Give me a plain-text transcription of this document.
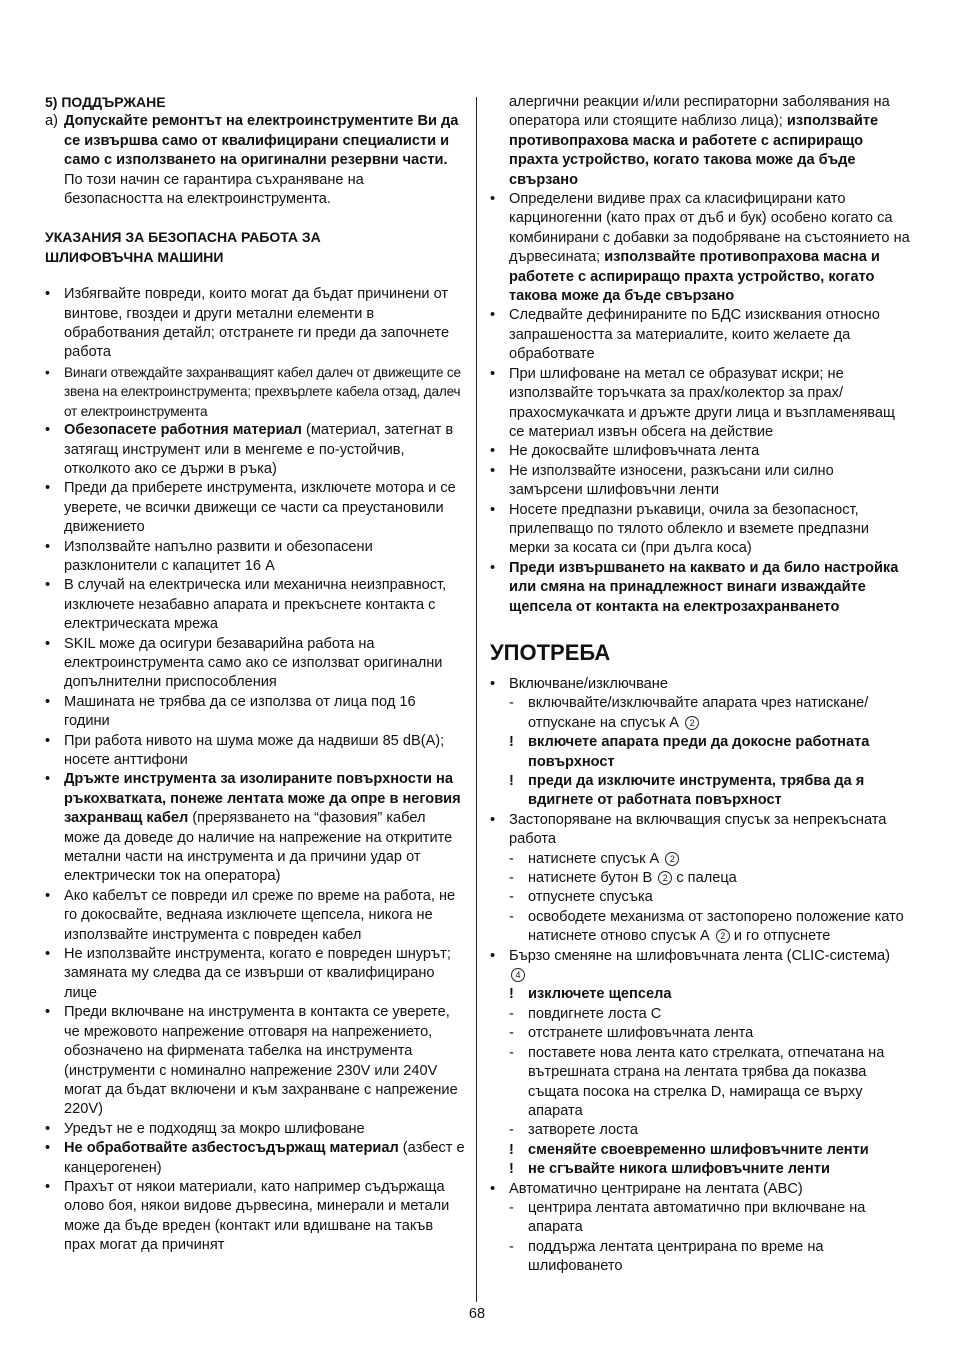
5) ПОДДЪРЖАНЕ
a) Допускайте ремонтът на електроинструментите Ви да се извършва само от квалифицирани специалисти и само с използването на оригинални резервни части. По този начин се гарантира съхраняване на безопасността на електроинструмента.
УКАЗАНИЯ ЗА БЕЗОПАСНА РАБОТА ЗА
ШЛИФОВЪЧНА МАШИНИ
• Избягвайте повреди, които могат да бъдат причинени от винтове, гвоздеи и други метални елементи в обработвания детайл; отстранете ги преди да започнете работа
• Винаги отвеждайте захранващият кабел далеч от движещите се звена на електроинструмента; прехвърлете кабела отзад, далеч от електроинструмента
• Обезопасете работния материал (материал, затегнат в затягащ инструмент или в менгеме е по-устойчив, отколкото ако се държи в ръка)
• Преди да приберете инструмента, изключете мотора и се уверете, че всички движещи се части са преустановили движението
• Използвайте напълно развити и обезопасени разклонители с капацитет 16 А
• В случай на електрическа или механична неизправност, изключете незабавно апарата и прекъснете контакта с електрическата мрежа
• SKIL може да осигури безаварийна работа на електроинструмента само ако се използват оригинални допълнителни приспособления
• Машината не трябва да се използва от лица под 16 години
• При работа нивото на шума може да надвиши 85 dB(A); носете анттифони
• Дръжте инструмента за изолираните повърхности на ръкохватката, понеже лентата може да опре в неговия захранващ кабел (прерязването на “фазовия” кабел може да доведе до наличие на напрежение на откритите метални части на инструмента и да причини удар от електрически ток на оператора)
• Ако кабелът се повреди ил среже по време на работа, не го докосвайте, веднаяа изключете щепсела, никога не използвайте инструмента с повреден кабел
• Не използвайте инструмента, когато е повреден шнурът; замяната му следва да се извърши от квалифицирано лице
• Преди включване на инструмента в контакта се уверете, че мрежовото напрежение отговаря на напрежението, обозначено на фирмената табелка на инструмента (инструменти с номинално напрежение 230V или 240V могат да бъдат включени и към захранване с напрежение 220V)
• Уредът не е подходящ за мокро шлифоване
• Не обработвайте азбестосъдържащ материал (азбест е канцерогенен)
• Прахът от някои материали, като например съдържаща олово боя, някои видове дървесина, минерали и метали може да бъде вреден (контакт или вдишване на такъв прах могат да причинят
алергични реакции и/или респираторни заболявания на оператора или стоящите наблизо лица); използвайте противопрахова маска и работете с аспириращо прахта устройство, когато такова може да бъде свързано
• Определени видиве прах са класифицирани като карциногенни (като прах от дъб и бук) особено когато са комбинирани с добавки за подобряване на състоянието на дървесината; използвайте противопрахова масна и работете с аспириращо прахта устройство, когато такова може да бъде свързано
• Следвайте дефинираните по БДС изисквания относно запрашеността за материалите, които желаете да обработвате
• При шлифоване на метал се образуват искри; не използвайте торъчката за прах/колектор за прах/прахосмукачката и дръжте други лица и възпламеняващ се материал извън обсега на действие
• Не докосвайте шлифовъчната лента
• Не използвайте износени, разкъсани или силно замърсени шлифовъчни ленти
• Носете предпазни ръкавици, очила за безопасност, прилепващо по тялото облекло и вземете предпазни мерки за косата си (при дълга коса)
• Преди извършването на каквато и да било настройка или смяна на принадлежност винаги изваждайте щепсела от контакта на електрозахранването
УПОТРЕБА
• Включване/изключване
- включвайте/изключвайте апарата чрез натискане/ отпускане на спусък А 2
! включете апарата преди да докосне работната повърхност
! преди да изключите инструмента, трябва да я вдигнете от работната повърхност
• Застопоряване на включващия спусък за непрекъсната работа
- натиснете спусък А 2
- натиснете бутон В 2 с палеца
- отпуснете спусъка
- освободете механизма от застопорено положение като натиснете отново спусък А 2 и го отпуснете
• Бързо сменяне на шлифовъчната лента (CLIC-система) 4
! изключете щепсела
- повдигнете лоста C
- отстранете шлифовъчната лента
- поставете нова лента като стрелката, отпечатана на вътрешната страна на лентата трябва да показва същата посока на стрелка D, намираща се върху апарата
- затворете лоста
! сменяйте своевременно шлифовъчните ленти
! не сгъвайте никога шлифовъчните ленти
• Автоматично центриране на лентата (ABC)
- центрира лентата автоматично при включване на апарата
- поддържа лентата центрирана по време на шлифоването
68
